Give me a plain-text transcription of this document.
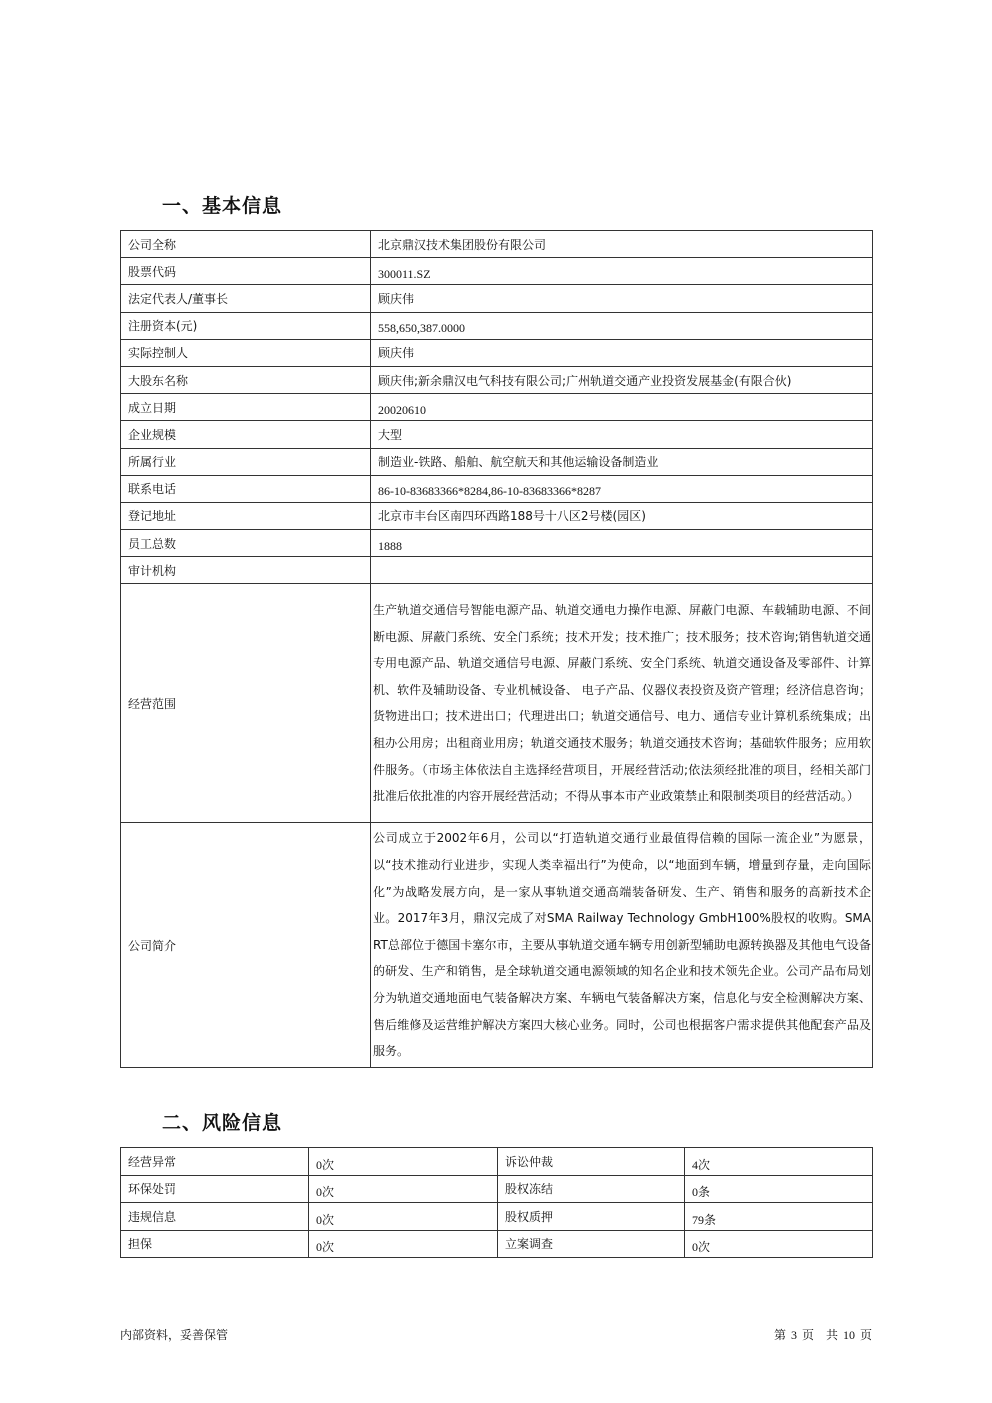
一、基本信息
公司全称	北京鼎汉技术集团股份有限公司
股票代码	300011.SZ
法定代表人/董事长	顾庆伟
注册资本(元)	558,650,387.0000
实际控制人	顾庆伟
大股东名称	顾庆伟;新余鼎汉电气科技有限公司;广州轨道交通产业投资发展基金(有限合伙)
成立日期	20020610
企业规模	大型
所属行业	制造业-铁路、船舶、航空航天和其他运输设备制造业
联系电话	86-10-83683366*8284,86-10-83683366*8287
登记地址	北京市丰台区南四环西路188号十八区2号楼(园区)
员工总数	1888
审计机构	
经营范围	生产轨道交通信号智能电源产品、轨道交通电力操作电源、屏蔽门电源、车载辅助电源、不间断电源、屏蔽门系统、安全门系统；技术开发；技术推广；技术服务；技术咨询;销售轨道交通专用电源产品、轨道交通信号电源、屏蔽门系统、安全门系统、轨道交通设备及零部件、计算机、软件及辅助设备、专业机械设备、 电子产品、仪器仪表投资及资产管理；经济信息咨询；货物进出口；技术进出口；代理进出口；轨道交通信号、电力、通信专业计算机系统集成；出租办公用房；出租商业用房；轨道交通技术服务；轨道交通技术咨询；基础软件服务；应用软件服务。（市场主体依法自主选择经营项目，开展经营活动;依法须经批准的项目，经相关部门批准后依批准的内容开展经营活动；不得从事本市产业政策禁止和限制类项目的经营活动。）
公司简介	公司成立于2002年6月，公司以“打造轨道交通行业最值得信赖的国际一流企业”为愿景，以“技术推动行业进步，实现人类幸福出行”为使命，以“地面到车辆，增量到存量，走向国际化”为战略发展方向，是一家从事轨道交通高端装备研发、生产、销售和服务的高新技术企业。2017年3月，鼎汉完成了对SMA Railway Technology GmbH100%股权的收购。SMA RT总部位于德国卡塞尔市，主要从事轨道交通车辆专用创新型辅助电源转换器及其他电气设备的研发、生产和销售，是全球轨道交通电源领域的知名企业和技术领先企业。公司产品布局划分为轨道交通地面电气装备解决方案、车辆电气装备解决方案，信息化与安全检测解决方案、售后维修及运营维护解决方案四大核心业务。同时，公司也根据客户需求提供其他配套产品及服务。
二、风险信息
经营异常	0次	诉讼仲裁	4次
环保处罚	0次	股权冻结	0条
违规信息	0次	股权质押	79条
担保	0次	立案调查	0次
内部资料，妥善保管	第 3 页　共 10 页
